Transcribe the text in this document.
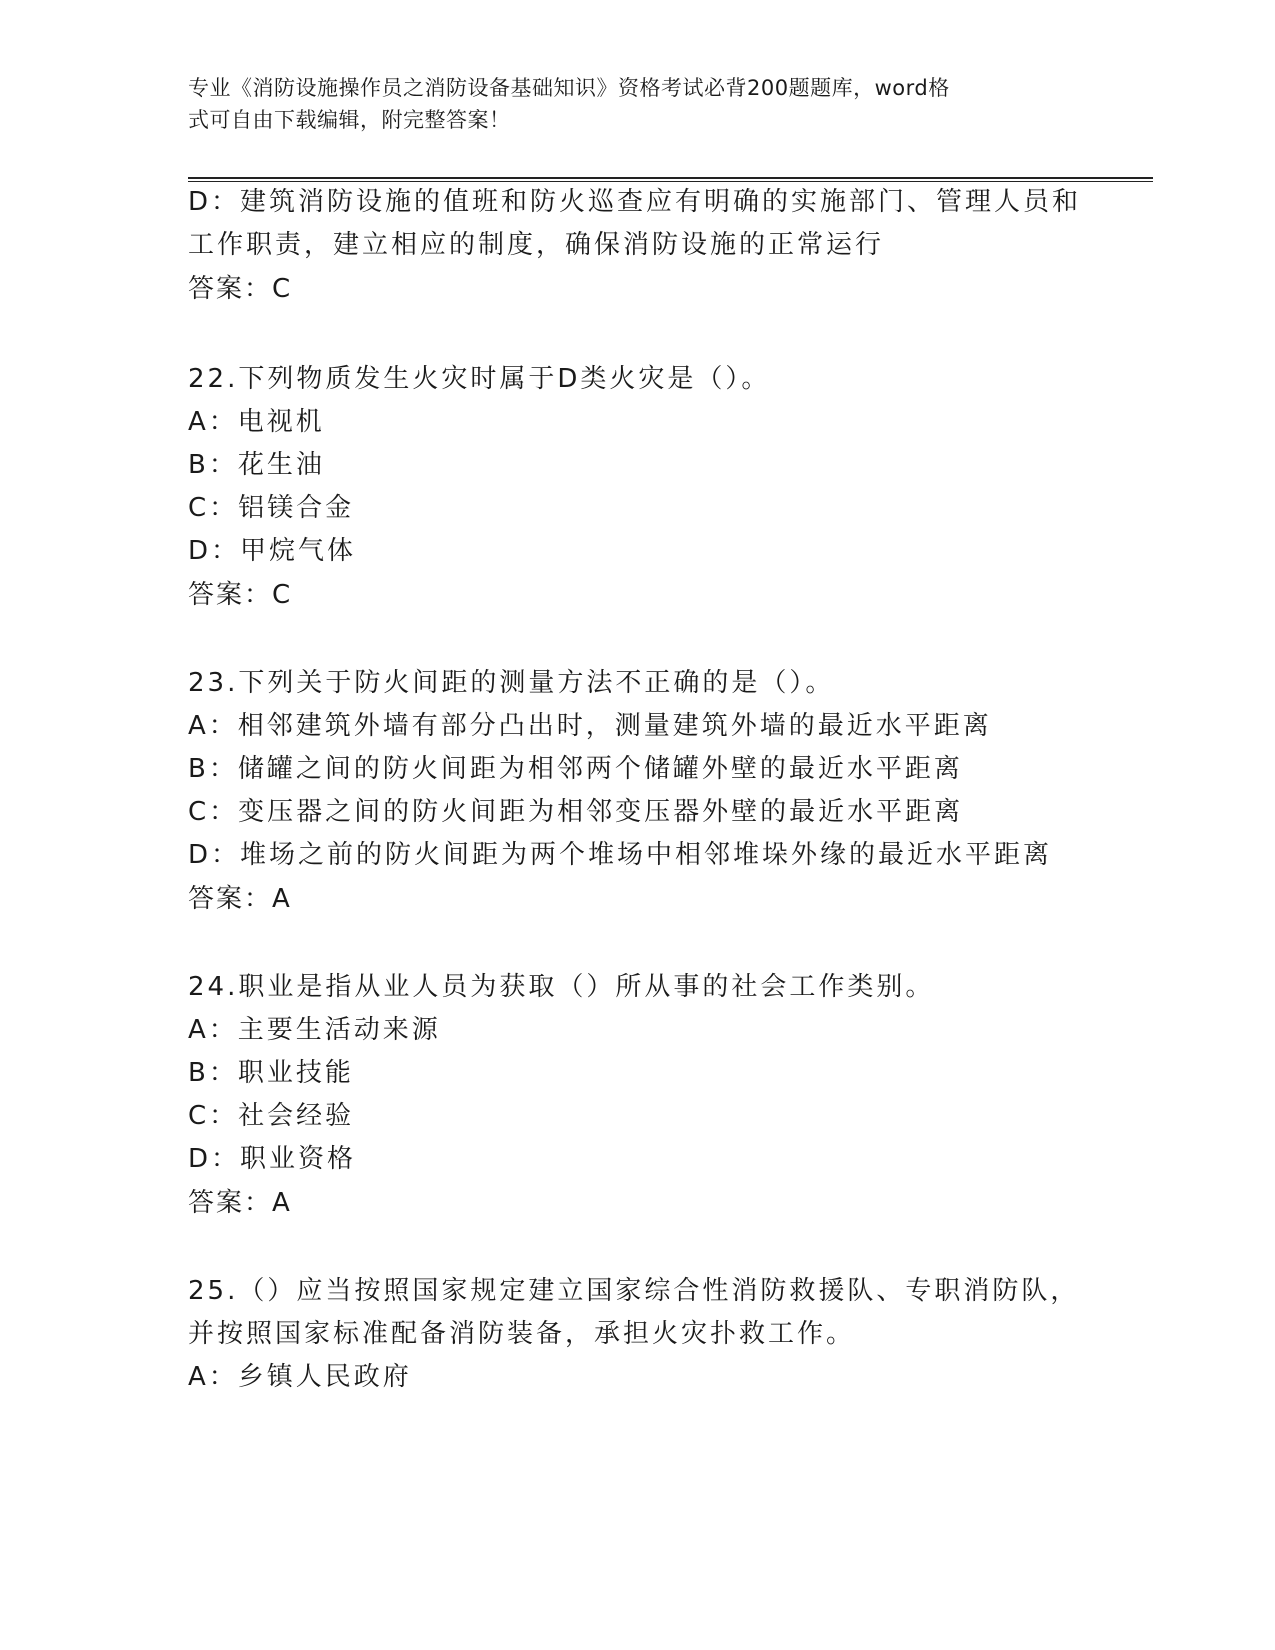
专业《消防设施操作员之消防设备基础知识》资格考试必背200题题库，word格
式可自由下载编辑，附完整答案！
D：建筑消防设施的值班和防火巡查应有明确的实施部门、管理人员和
工作职责，建立相应的制度，确保消防设施的正常运行
答案：C
22.下列物质发生火灾时属于D类火灾是（）。
A：电视机
B：花生油
C：铝镁合金
D：甲烷气体
答案：C
23.下列关于防火间距的测量方法不正确的是（）。
A：相邻建筑外墙有部分凸出时，测量建筑外墙的最近水平距离
B：储罐之间的防火间距为相邻两个储罐外壁的最近水平距离
C：变压器之间的防火间距为相邻变压器外壁的最近水平距离
D：堆场之前的防火间距为两个堆场中相邻堆垛外缘的最近水平距离
答案：A
24.职业是指从业人员为获取（）所从事的社会工作类别。
A：主要生活动来源
B：职业技能
C：社会经验
D：职业资格
答案：A
25.（）应当按照国家规定建立国家综合性消防救援队、专职消防队，
并按照国家标准配备消防装备，承担火灾扑救工作。
A：乡镇人民政府
